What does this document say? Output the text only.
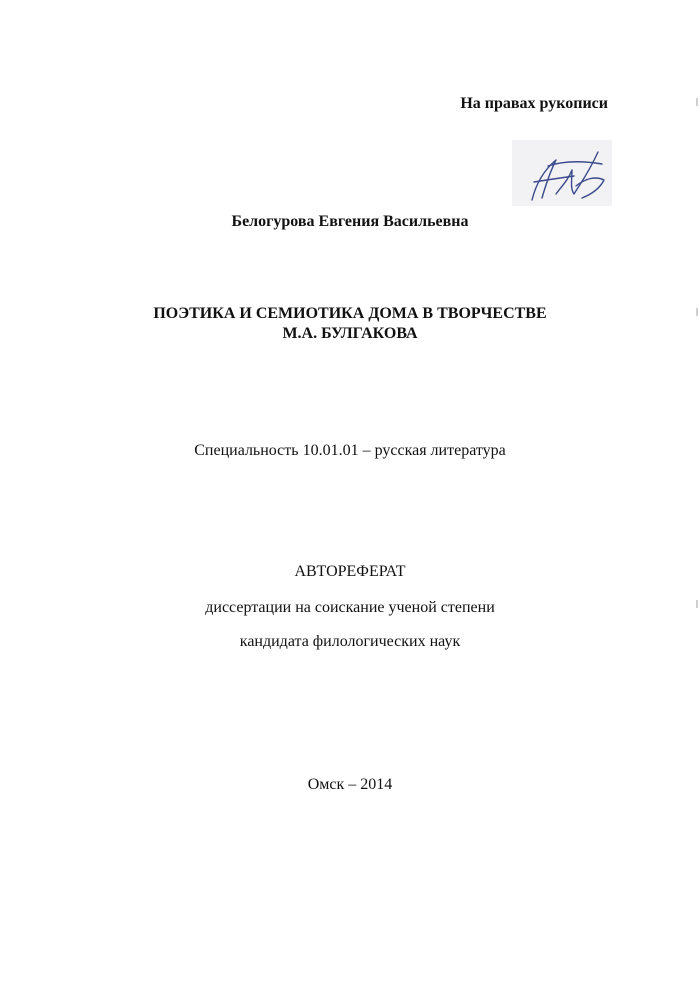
На правах рукописи
Белогурова Евгения Васильевна
ПОЭТИКА И СЕМИОТИКА ДОМА В ТВОРЧЕСТВЕ
М.А. БУЛГАКОВА
Специальность 10.01.01 – русская литература
АВТОРЕФЕРАТ
диссертации на соискание ученой степени
кандидата филологических наук
Омск – 2014
